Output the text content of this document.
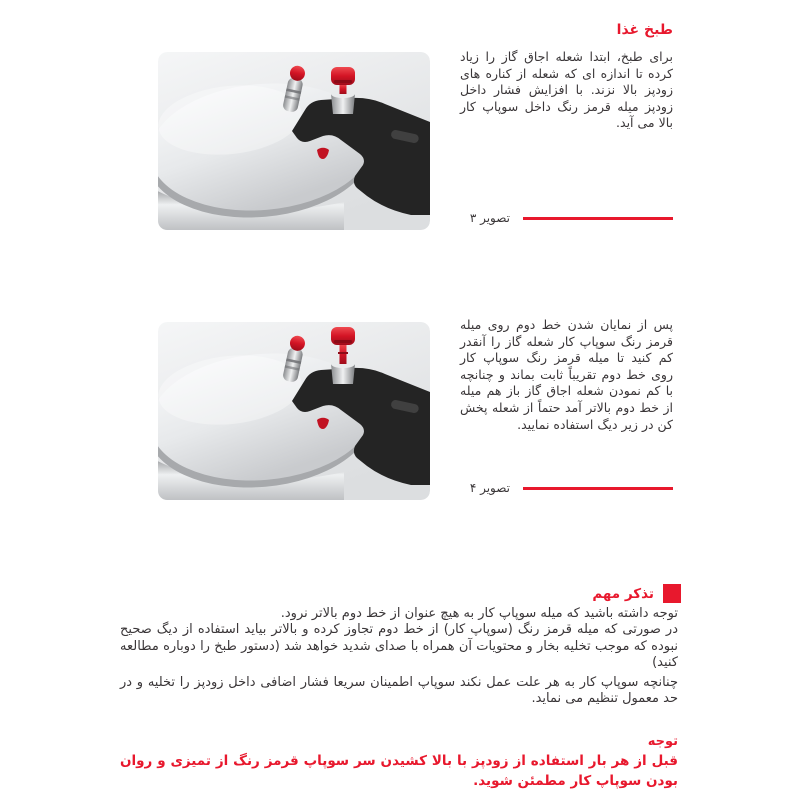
طبخ غذا
برای طبخ، ابتدا شعله اجاق گاز را زیاد کرده تا اندازه ای که شعله از کناره های زودپز بالا نزند. با افزایش فشار داخل زودپز میله قرمز رنگ داخل سوپاپ کار بالا می آید.
تصویر ۳
پس از نمایان شدن خط دوم روی میله قرمز رنگ سوپاپ کار شعله گاز را آنقدر کم کنید تا میله قرمز رنگ سوپاپ کار روی خط دوم تقریباً ثابت بماند و چنانچه با کم نمودن شعله اجاق گاز باز هم میله از خط دوم بالاتر آمد حتماً از شعله پخش کن در زیر دیگ استفاده نمایید.
تصویر ۴
تذکر مهم
توجه داشته باشید که میله سوپاپ کار به هیچ عنوان از خط دوم بالاتر نرود.
در صورتی که میله قرمز رنگ (سوپاپ کار) از خط دوم تجاوز کرده و بالاتر بیاید استفاده از دیگ صحیح نبوده که موجب تخلیه بخار و محتویات آن همراه با صدای شدید خواهد شد (دستور طبخ را دوباره مطالعه کنید)
چنانچه سوپاپ کار به هر علت عمل نکند سوپاپ اطمینان سریعا فشار اضافی داخل زودپز را تخلیه و در حد معمول تنظیم می نماید.
توجه
قبل از هر بار استفاده از زودپز با بالا کشیدن سر سوپاپ قرمز رنگ از تمیزی و روان بودن سوپاپ کار مطمئن شوید.
